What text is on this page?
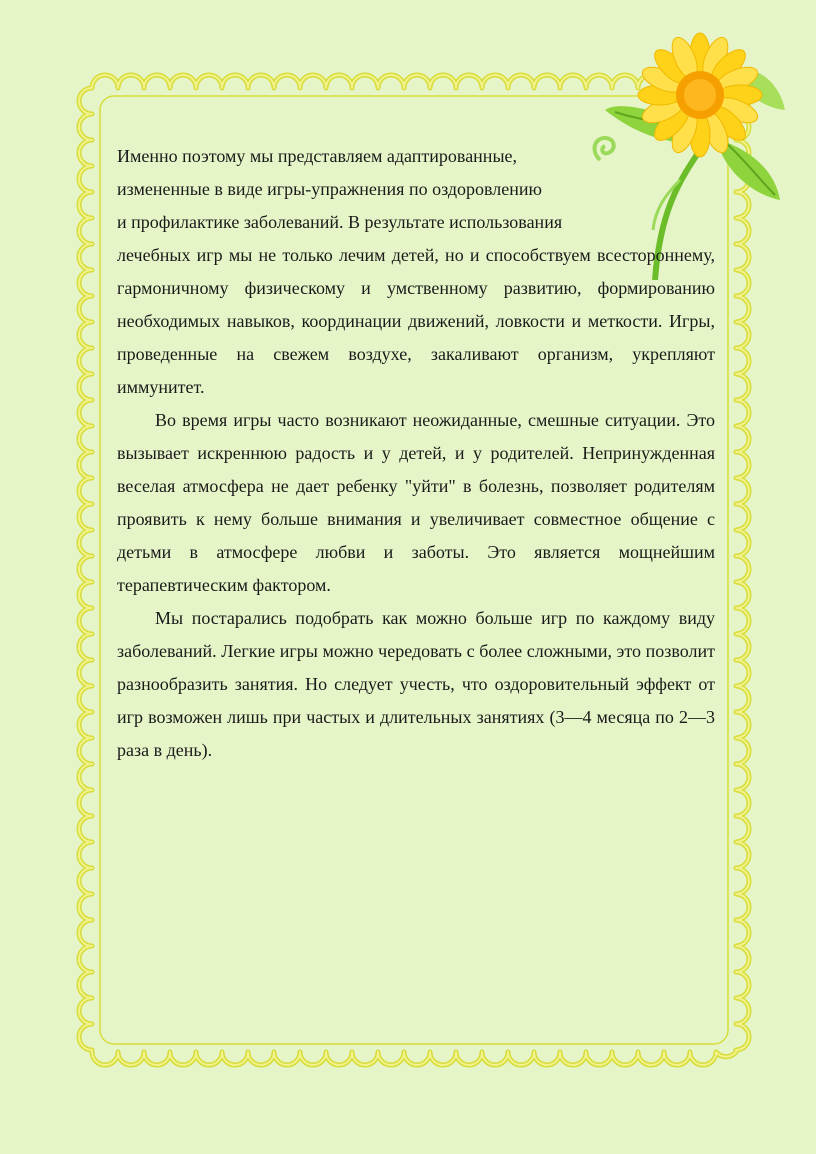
Именно поэтому мы представляем адаптированные,
измененные в виде игры-упражнения по оздоровлению
и профилактике заболеваний. В результате использования
лечебных игр мы не только лечим детей, но и способствуем всестороннему, гармоничному физическому и умственному развитию, формированию необходимых навыков, координации движений, ловкости и меткости. Игры, проведенные на свежем воздухе, закаливают организм, укрепляют иммунитет.

Во время игры часто возникают неожиданные, смешные ситуации. Это вызывает искреннюю радость и у детей, и у родителей. Непринужденная веселая атмосфера не дает ребенку "уйти" в болезнь, позволяет родителям проявить к нему больше внимания и увеличивает совместное общение с детьми в атмосфере любви и заботы. Это является мощнейшим терапевтическим фактором.

Мы постарались подобрать как можно больше игр по каждому виду заболеваний. Легкие игры можно чередовать с более сложными, это позволит разнообразить занятия. Но следует учесть, что оздоровительный эффект от игр возможен лишь при частых и длительных занятиях (3—4 месяца по 2—3 раза в день).
